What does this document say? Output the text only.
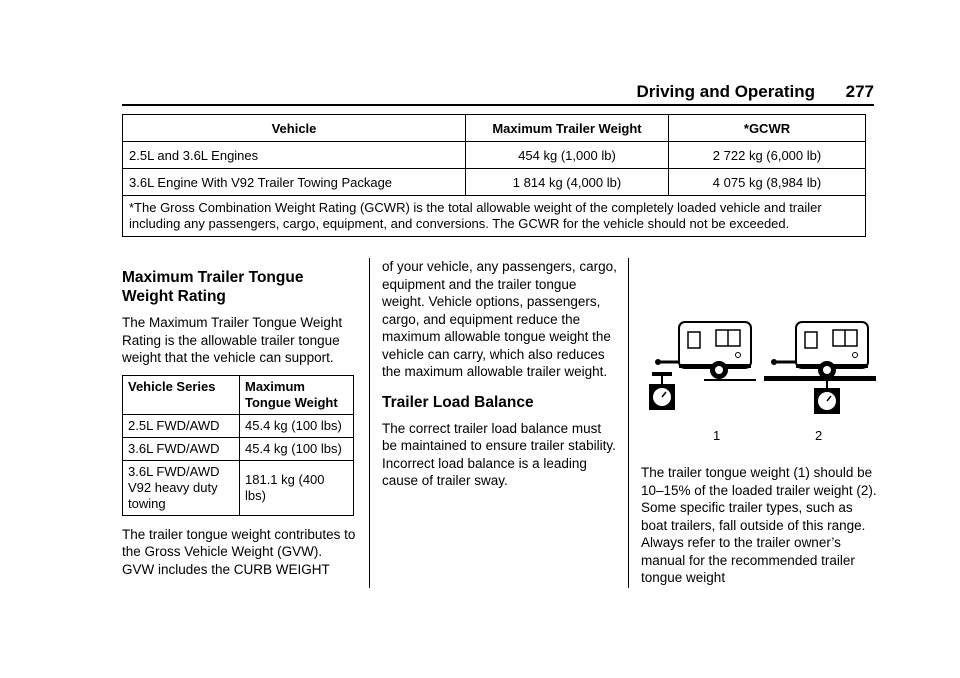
Driving and Operating 277
Vehicle	Maximum Trailer Weight	*GCWR
2.5L and 3.6L Engines	454 kg (1,000 lb)	2 722 kg (6,000 lb)
3.6L Engine With V92 Trailer Towing Package	1 814 kg (4,000 lb)	4 075 kg (8,984 lb)
*The Gross Combination Weight Rating (GCWR) is the total allowable weight of the completely loaded vehicle and trailer including any passengers, cargo, equipment, and conversions. The GCWR for the vehicle should not be exceeded.		
Maximum Trailer Tongue Weight Rating

The Maximum Trailer Tongue Weight Rating is the allowable trailer tongue weight that the vehicle can support.

Vehicle Series	Maximum Tongue Weight
2.5L FWD/AWD	45.4 kg (100 lbs)
3.6L FWD/AWD	45.4 kg (100 lbs)
3.6L FWD/AWD V92 heavy duty towing	181.1 kg (400 lbs)

The trailer tongue weight contributes to the Gross Vehicle Weight (GVW). GVW includes the CURB WEIGHT

of your vehicle, any passengers, cargo, equipment and the trailer tongue weight. Vehicle options, passengers, cargo, and equipment reduce the maximum allowable tongue weight the vehicle can carry, which also reduces the maximum allowable trailer weight.

Trailer Load Balance

The correct trailer load balance must be maintained to ensure trailer stability. Incorrect load balance is a leading cause of trailer sway.

1	2

The trailer tongue weight (1) should be 10–15% of the loaded trailer weight (2). Some specific trailer types, such as boat trailers, fall outside of this range. Always refer to the trailer owner’s manual for the recommended trailer tongue weight
